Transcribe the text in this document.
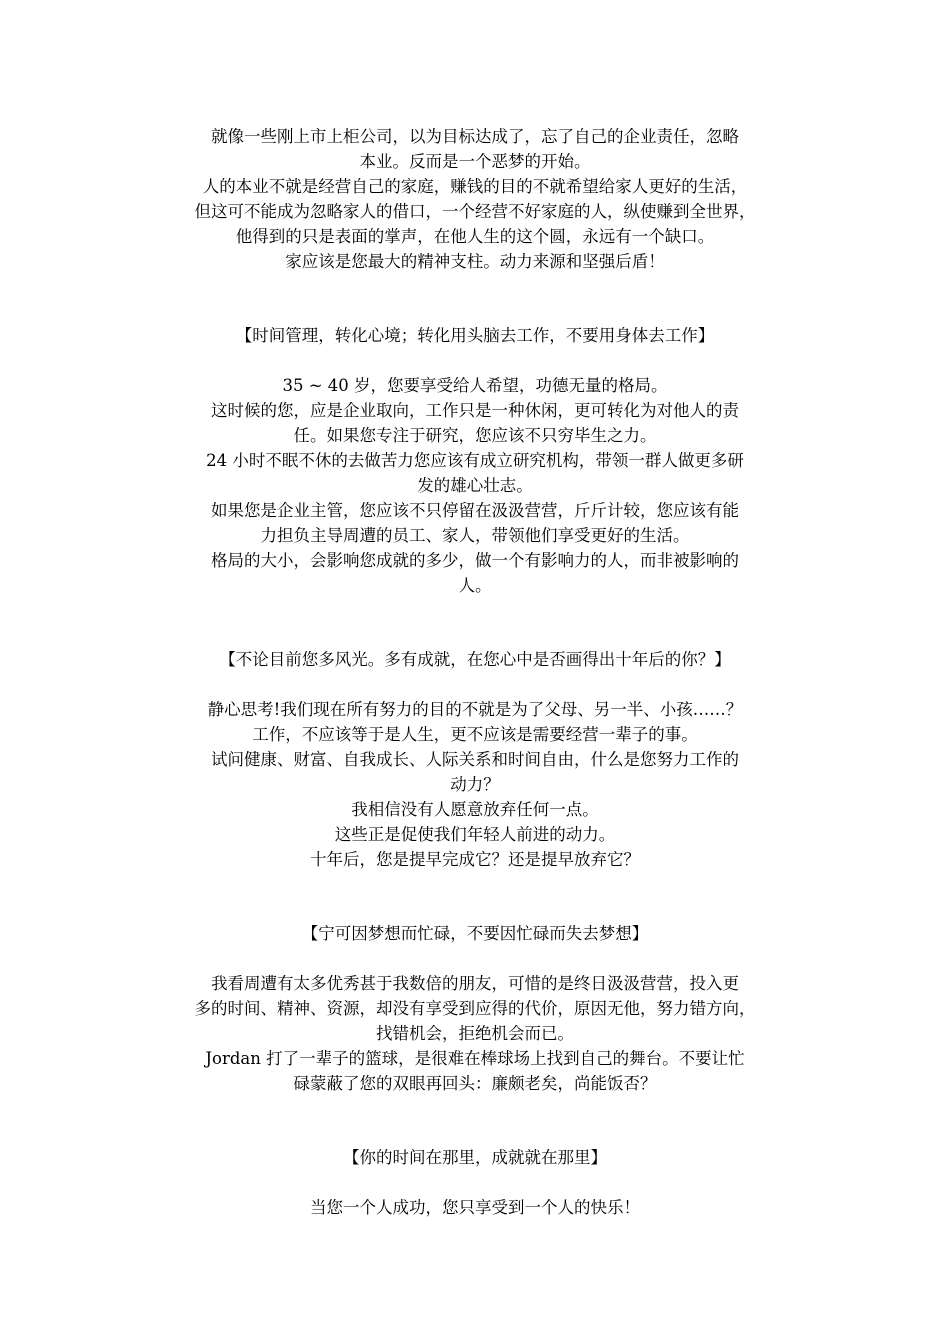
就像一些刚上市上柜公司，以为目标达成了，忘了自己的企业责任，忽略
本业。反而是一个恶梦的开始。
人的本业不就是经营自己的家庭，赚钱的目的不就希望给家人更好的生活，
但这可不能成为忽略家人的借口，一个经营不好家庭的人，纵使赚到全世界，
他得到的只是表面的掌声，在他人生的这个圆，永远有一个缺口。
家应该是您最大的精神支柱。动力来源和坚强后盾！
【时间管理，转化心境；转化用头脑去工作，不要用身体去工作】
35 ~ 40 岁，您要享受给人希望，功德无量的格局。
这时候的您，应是企业取向，工作只是一种休闲，更可转化为对他人的责
任。如果您专注于研究，您应该不只穷毕生之力。
24 小时不眠不休的去做苦力您应该有成立研究机构，带领一群人做更多研
发的雄心壮志。
如果您是企业主管，您应该不只停留在汲汲营营，斤斤计较，您应该有能
力担负主导周遭的员工、家人，带领他们享受更好的生活。
格局的大小，会影响您成就的多少，做一个有影响力的人，而非被影响的
人。
【不论目前您多风光。多有成就，在您心中是否画得出十年后的你？】
静心思考!我们现在所有努力的目的不就是为了父母、另一半、小孩……？
工作，不应该等于是人生，更不应该是需要经营一辈子的事。
试问健康、财富、自我成长、人际关系和时间自由，什么是您努力工作的
动力？
我相信没有人愿意放弃任何一点。
这些正是促使我们年轻人前进的动力。
十年后，您是提早完成它？还是提早放弃它？
【宁可因梦想而忙碌，不要因忙碌而失去梦想】
我看周遭有太多优秀甚于我数倍的朋友，可惜的是终日汲汲营营，投入更
多的时间、精神、资源，却没有享受到应得的代价，原因无他，努力错方向，
找错机会，拒绝机会而已。
Jordan 打了一辈子的篮球，是很难在棒球场上找到自己的舞台。不要让忙
碌蒙蔽了您的双眼再回头：廉颇老矣，尚能饭否？
【你的时间在那里，成就就在那里】
当您一个人成功，您只享受到一个人的快乐！
